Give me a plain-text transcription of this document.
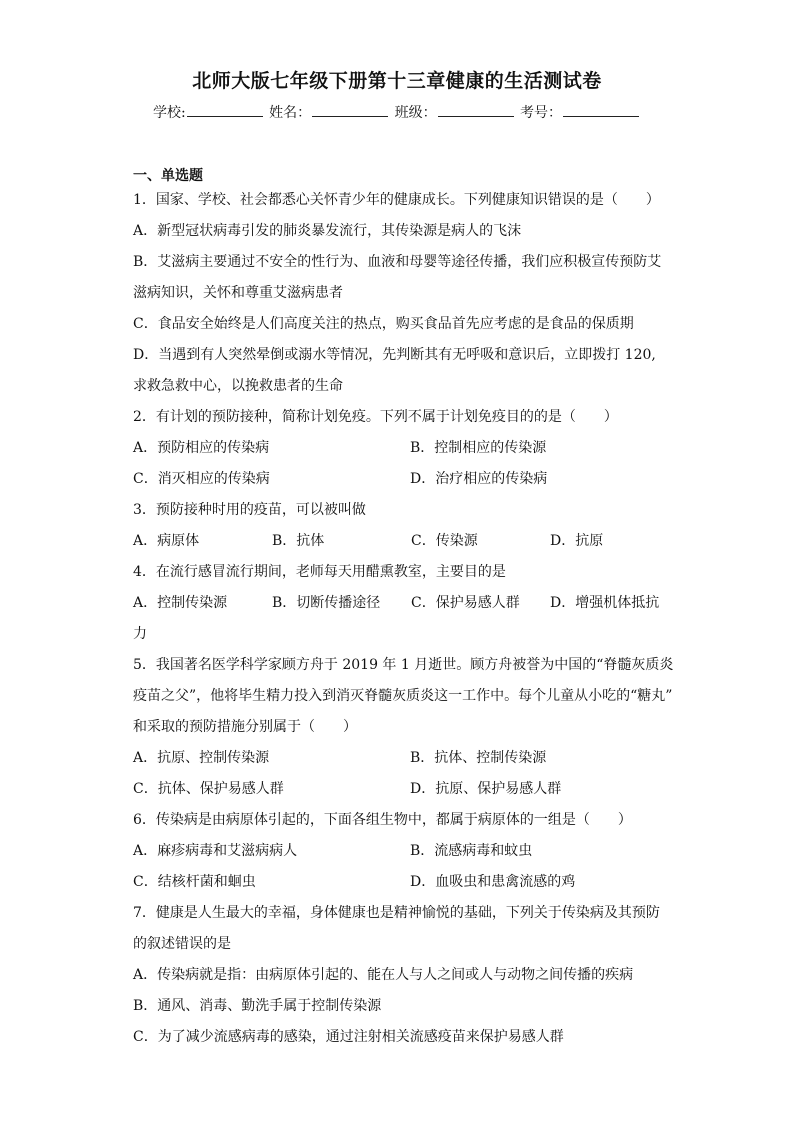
北师大版七年级下册第十三章健康的生活测试卷
学校:	姓名：	班级：	考号：
一、单选题
1．国家、学校、社会都悉心关怀青少年的健康成长。下列健康知识错误的是（　　）
A．新型冠状病毒引发的肺炎暴发流行，其传染源是病人的飞沫
B．艾滋病主要通过不安全的性行为、血液和母婴等途径传播，我们应积极宣传预防艾
滋病知识，关怀和尊重艾滋病患者
C．食品安全始终是人们高度关注的热点，购买食品首先应考虑的是食品的保质期
D．当遇到有人突然晕倒或溺水等情况，先判断其有无呼吸和意识后，立即拨打 120,
求救急救中心，以挽救患者的生命
2．有计划的预防接种，简称计划免疫。下列不属于计划免疫目的的是（　　）
A．预防相应的传染病	B．控制相应的传染源
C．消灭相应的传染病	D．治疗相应的传染病
3．预防接种时用的疫苗，可以被叫做
A．病原体	B．抗体	C．传染源	D．抗原
4．在流行感冒流行期间，老师每天用醋熏教室，主要目的是
A．控制传染源	B．切断传播途径	C．保护易感人群	D．增强机体抵抗
力
5．我国著名医学科学家顾方舟于 2019 年 1 月逝世。顾方舟被誉为中国的“脊髓灰质炎
疫苗之父”，他将毕生精力投入到消灭脊髓灰质炎这一工作中。每个儿童从小吃的“糖丸”
和采取的预防措施分别属于（　　）
A．抗原、控制传染源	B．抗体、控制传染源
C．抗体、保护易感人群	D．抗原、保护易感人群
6．传染病是由病原体引起的，下面各组生物中，都属于病原体的一组是（　　）
A．麻疹病毒和艾滋病病人	B．流感病毒和蚊虫
C．结核杆菌和蛔虫	D．血吸虫和患禽流感的鸡
7．健康是人生最大的幸福，身体健康也是精神愉悦的基础，下列关于传染病及其预防
的叙述错误的是
A．传染病就是指：由病原体引起的、能在人与人之间或人与动物之间传播的疾病
B．通风、消毒、勤洗手属于控制传染源
C．为了减少流感病毒的感染，通过注射相关流感疫苗来保护易感人群
